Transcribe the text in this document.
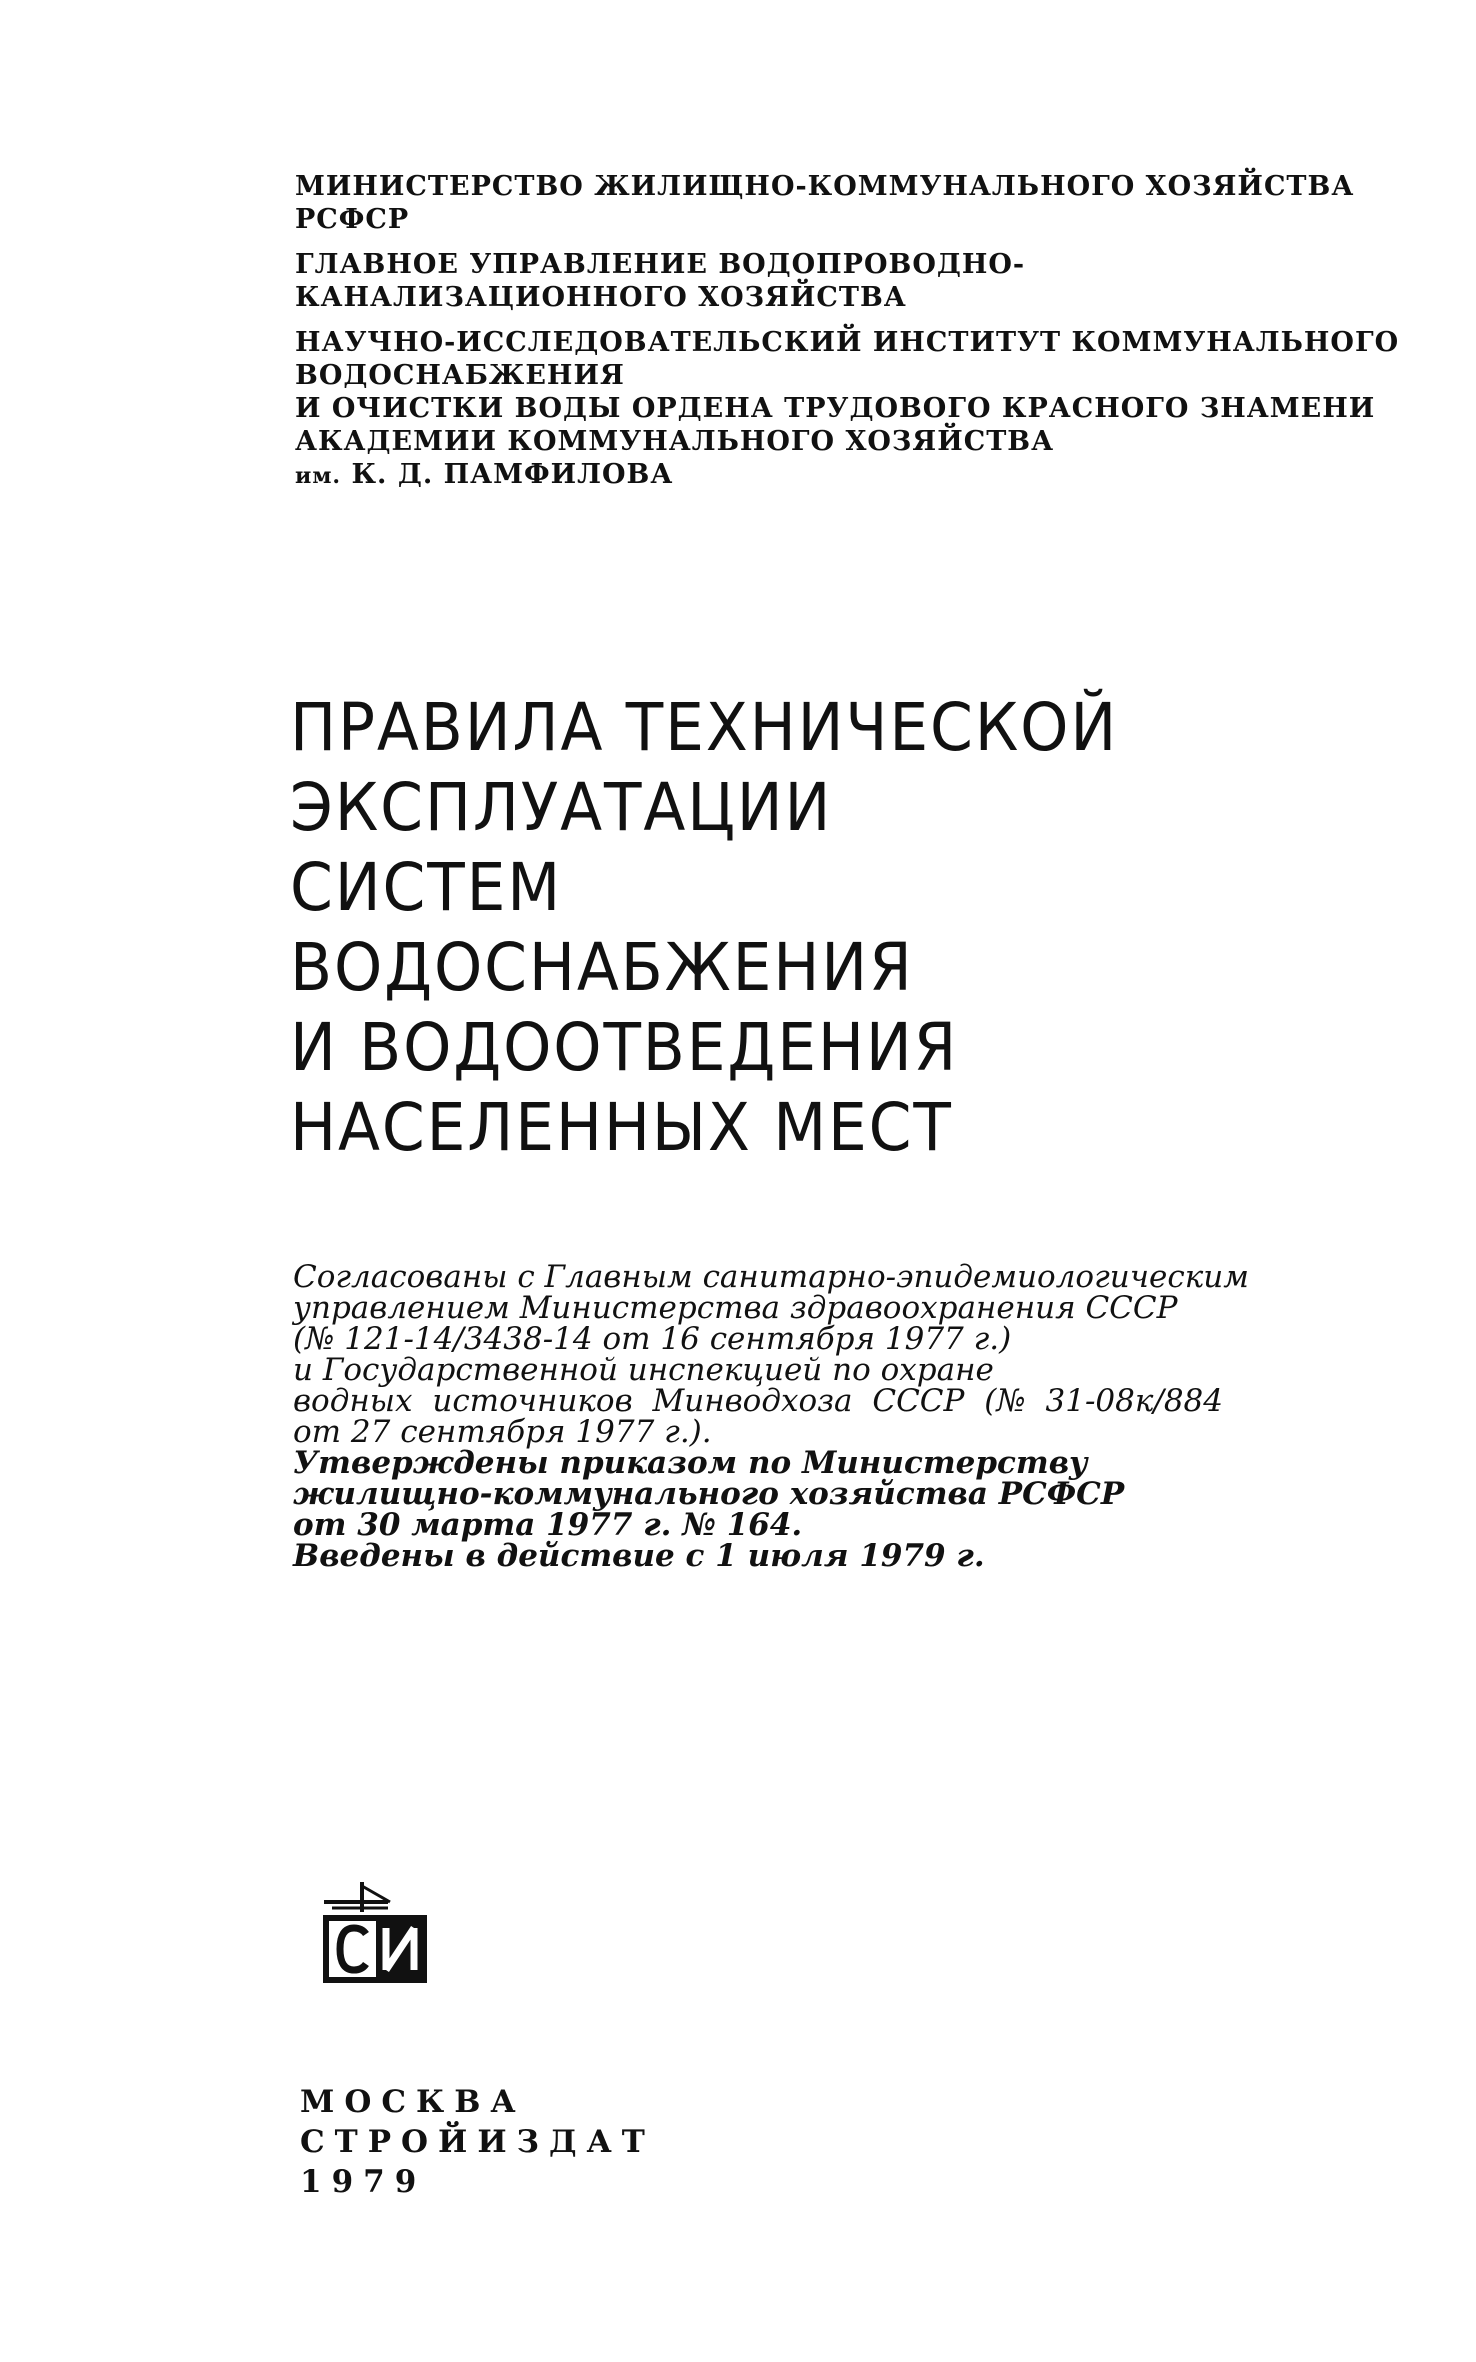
МИНИСТЕРСТВО ЖИЛИЩНО-КОММУНАЛЬНОГО ХОЗЯЙСТВА
РСФСР
ГЛАВНОЕ УПРАВЛЕНИЕ ВОДОПРОВОДНО-
КАНАЛИЗАЦИОННОГО ХОЗЯЙСТВА
НАУЧНО-ИССЛЕДОВАТЕЛЬСКИЙ ИНСТИТУТ КОММУНАЛЬНОГО
ВОДОСНАБЖЕНИЯ
И ОЧИСТКИ ВОДЫ ОРДЕНА ТРУДОВОГО КРАСНОГО ЗНАМЕНИ
АКАДЕМИИ КОММУНАЛЬНОГО ХОЗЯЙСТВА
им. К. Д. ПАМФИЛОВА
ПРАВИЛА ТЕХНИЧЕСКОЙ
ЭКСПЛУАТАЦИИ
СИСТЕМ
ВОДОСНАБЖЕНИЯ
И ВОДООТВЕДЕНИЯ
НАСЕЛЕННЫХ МЕСТ
Согласованы с Главным санитарно-эпидемиологическим
управлением Министерства здравоохранения СССР
(№ 121-14/3438-14 от 16 сентября 1977 г.)
и Государственной инспекцией по охране
водных источников Минводхоза СССР (№ 31-08к/884
от 27 сентября 1977 г.).
Утверждены приказом по Министерству
жилищно-коммунального хозяйства РСФСР
от 30 марта 1977 г. № 164.
Введены в действие с 1 июля 1979 г.
МОСКВА
СТРОЙИЗДАТ
1979
